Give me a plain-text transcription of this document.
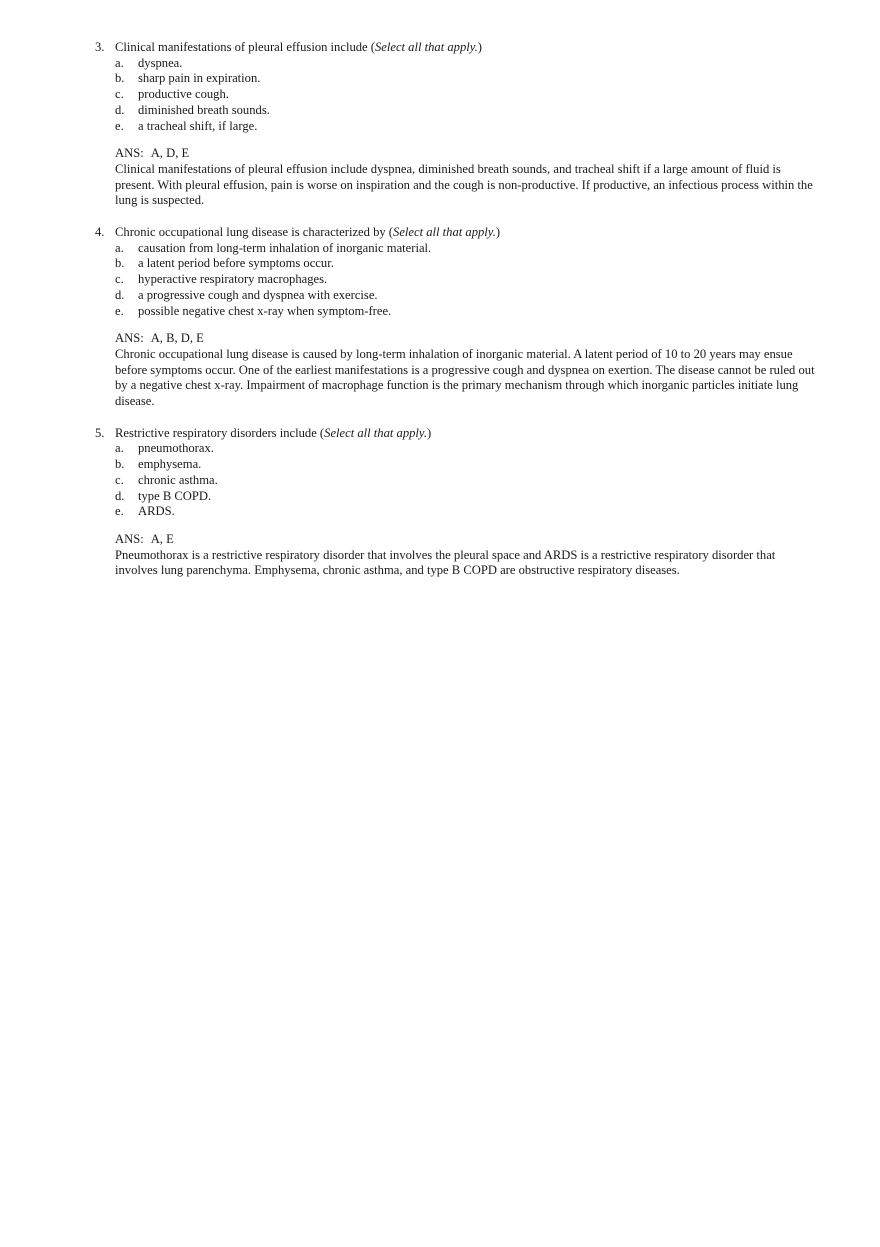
3. Clinical manifestations of pleural effusion include (Select all that apply.)
a. dyspnea.
b. sharp pain in expiration.
c. productive cough.
d. diminished breath sounds.
e. a tracheal shift, if large.
ANS: A, D, E
Clinical manifestations of pleural effusion include dyspnea, diminished breath sounds, and tracheal shift if a large amount of fluid is present. With pleural effusion, pain is worse on inspiration and the cough is non-productive. If productive, an infectious process within the lung is suspected.
4. Chronic occupational lung disease is characterized by (Select all that apply.)
a. causation from long-term inhalation of inorganic material.
b. a latent period before symptoms occur.
c. hyperactive respiratory macrophages.
d. a progressive cough and dyspnea with exercise.
e. possible negative chest x-ray when symptom-free.
ANS: A, B, D, E
Chronic occupational lung disease is caused by long-term inhalation of inorganic material. A latent period of 10 to 20 years may ensue before symptoms occur. One of the earliest manifestations is a progressive cough and dyspnea on exertion. The disease cannot be ruled out by a negative chest x-ray. Impairment of macrophage function is the primary mechanism through which inorganic particles initiate lung disease.
5. Restrictive respiratory disorders include (Select all that apply.)
a. pneumothorax.
b. emphysema.
c. chronic asthma.
d. type B COPD.
e. ARDS.
ANS: A, E
Pneumothorax is a restrictive respiratory disorder that involves the pleural space and ARDS is a restrictive respiratory disorder that involves lung parenchyma. Emphysema, chronic asthma, and type B COPD are obstructive respiratory diseases.
